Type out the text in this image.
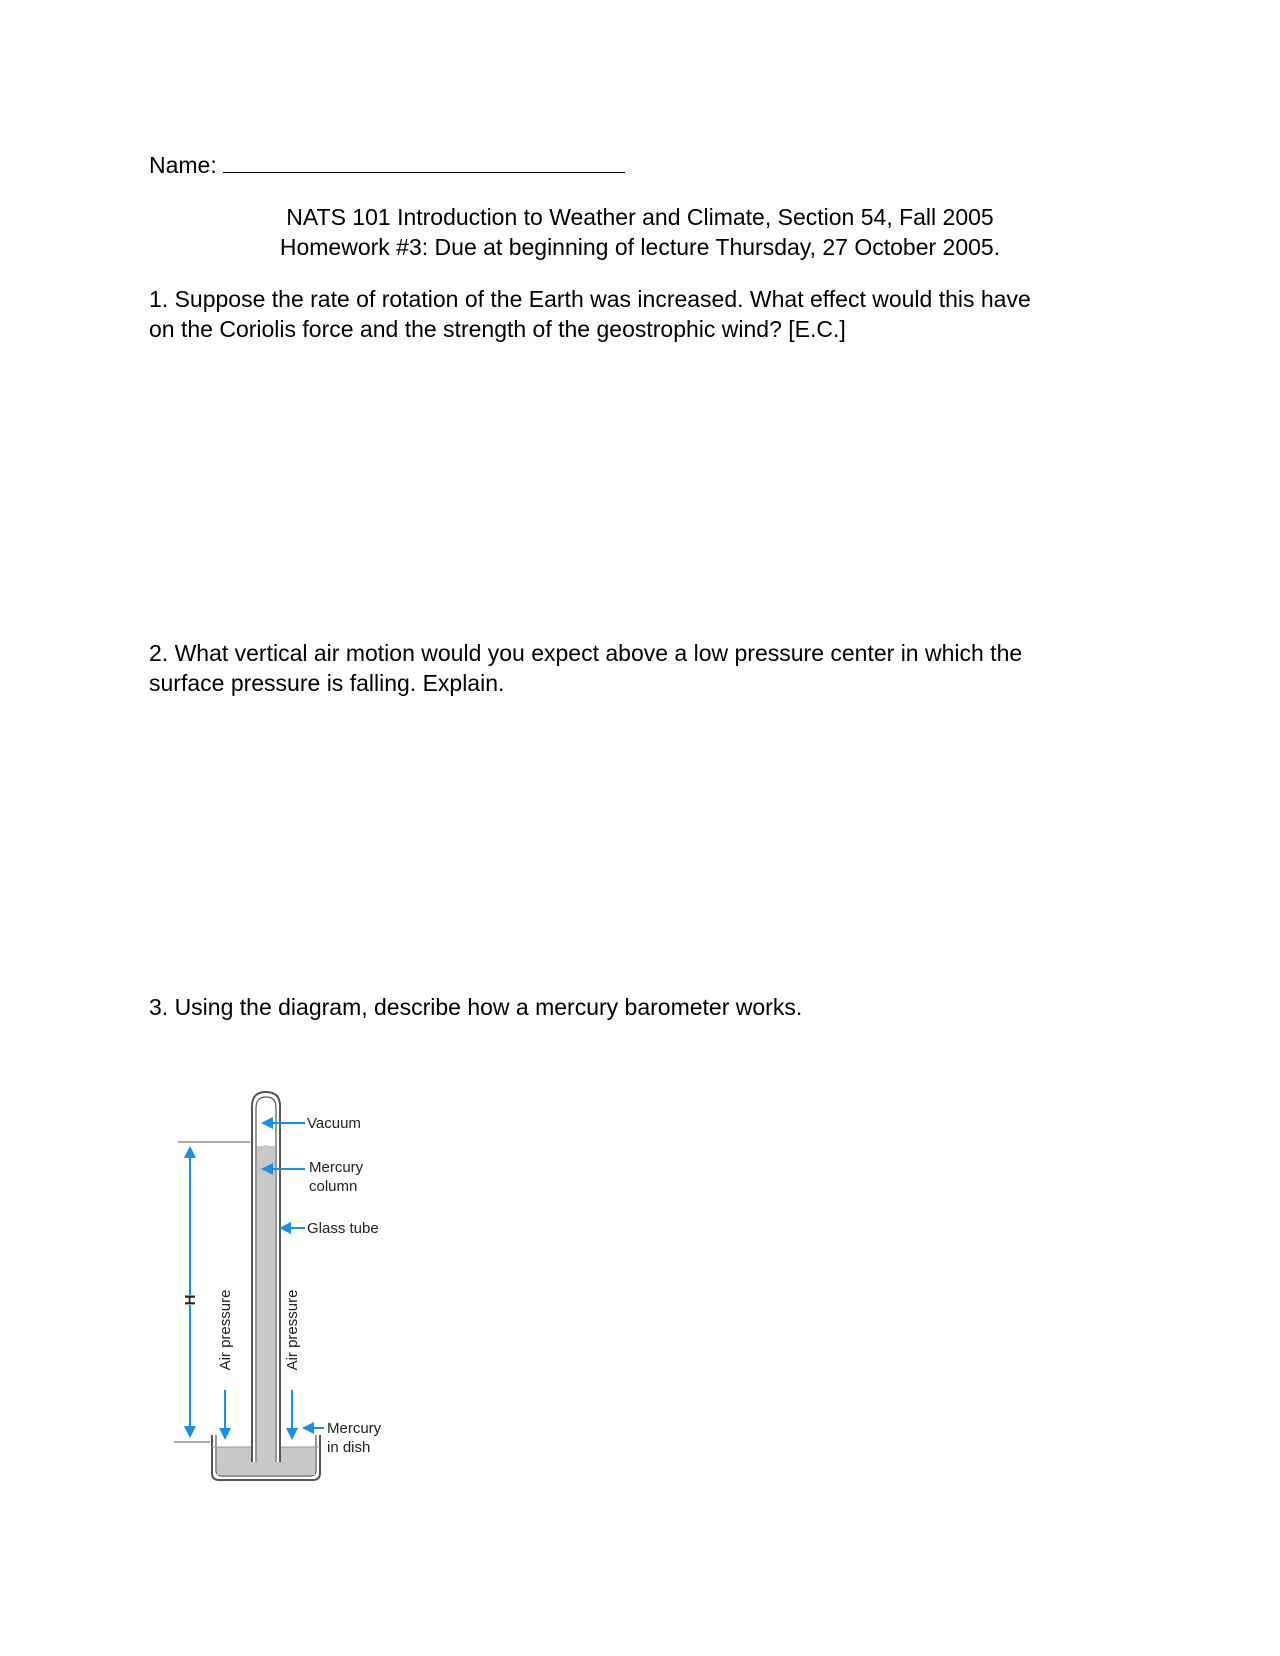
Name:
NATS 101 Introduction to Weather and Climate, Section 54, Fall 2005
Homework #3: Due at beginning of lecture Thursday, 27 October 2005.
1. Suppose the rate of rotation of the Earth was increased. What effect would this have
on the Coriolis force and the strength of the geostrophic wind? [E.C.]
2. What vertical air motion would you expect above a low pressure center in which the
surface pressure is falling. Explain.
3. Using the diagram, describe how a mercury barometer works.
H Air pressure	Air pressure
Vacuum
Mercury
column
Glass tube
Mercury
in dish
